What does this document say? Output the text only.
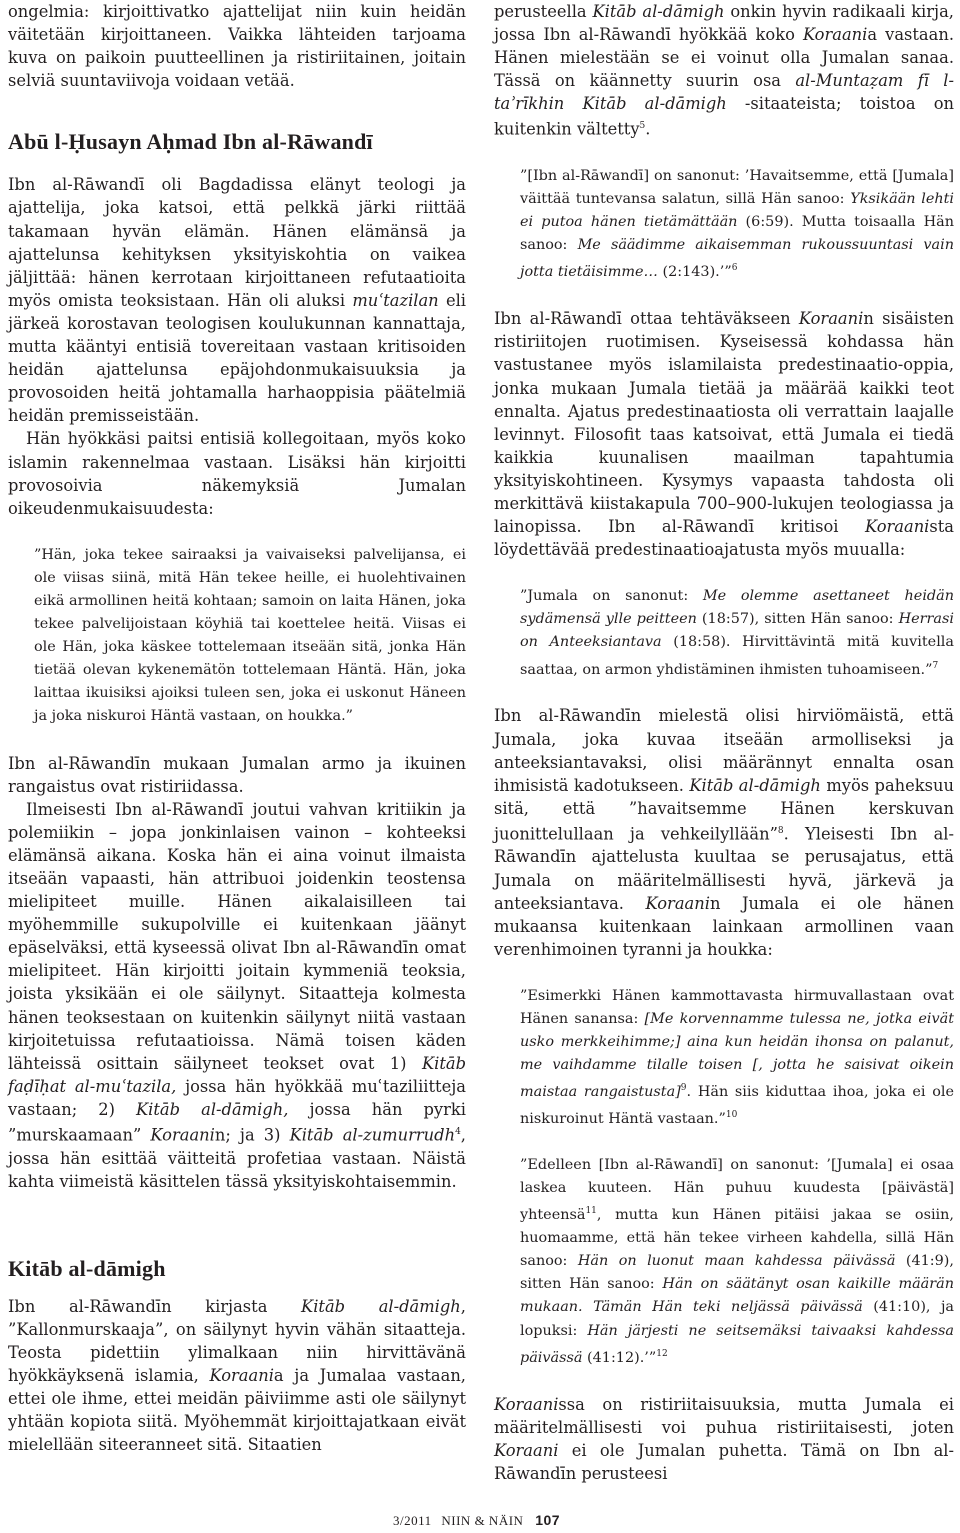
ongelmia: kirjoittivatko ajattelijat niin kuin heidän väitetään kirjoittaneen. Vaikka lähteiden tarjoama kuva on paikoin puutteellinen ja ristiriitainen, joitain selviä suuntaviivoja voidaan vetää.

Abū l-Ḥusayn Aḥmad Ibn al-Rāwandī

Ibn al-Rāwandī oli Bagdadissa elänyt teologi ja ajattelija, joka katsoi, että pelkkä järki riittää takamaan hyvän elämän. Hänen elämänsä ja ajattelunsa kehityksen yksityiskohtia on vaikea jäljittää: hänen kerrotaan kirjoittaneen refutaatioita myös omista teoksistaan. Hän oli aluksi muʿtazilan eli järkeä korostavan teologisen koulukunnan kannattaja, mutta kääntyi entisiä tovereitaan vastaan kritisoiden heidän ajattelunsa epäjohdonmukaisuuksia ja provosoiden heitä johtamalla harhaoppisia päätelmiä heidän premisseistään.

Hän hyökkäsi paitsi entisiä kollegoitaan, myös koko islamin rakennelmaa vastaan. Lisäksi hän kirjoitti provosoivia näkemyksiä Jumalan oikeudenmukaisuudesta:

”Hän, joka tekee sairaaksi ja vaivaiseksi palvelijansa, ei ole viisas siinä, mitä Hän tekee heille, ei huolehtivainen eikä armollinen heitä kohtaan; samoin on laita Hänen, joka tekee palvelijoistaan köyhiä tai koettelee heitä. Viisas ei ole Hän, joka käskee tottelemaan itseään sitä, jonka Hän tietää olevan kykenemätön tottelemaan Häntä. Hän, joka laittaa ikuisiksi ajoiksi tuleen sen, joka ei uskonut Häneen ja joka niskuroi Häntä vastaan, on houkka.”

Ibn al-Rāwandīn mukaan Jumalan armo ja ikuinen rangaistus ovat ristiriidassa.

Ilmeisesti Ibn al-Rāwandī joutui vahvan kritiikin ja polemiikin – jopa jonkinlaisen vainon – kohteeksi elämänsä aikana. Koska hän ei aina voinut ilmaista itseään vapaasti, hän attribuoi joidenkin teostensa mielipiteet muille. Hänen aikalaisilleen tai myöhemmille sukupolville ei kuitenkaan jäänyt epäselväksi, että kyseessä olivat Ibn al-Rāwandīn omat mielipiteet. Hän kirjoitti joitain kymmeniä teoksia, joista yksikään ei ole säilynyt. Sitaatteja kolmesta hänen teoksestaan on kuitenkin säilynyt niitä vastaan kirjoitetuissa refutaatioissa. Nämä toisen käden lähteissä osittain säilyneet teokset ovat 1) Kitāb faḍīḥat al-muʿtazila, jossa hän hyökkää muʿtaziliitteja vastaan; 2) Kitāb al-dāmigh, jossa hän pyrki ”murskaamaan” Koraanin; ja 3) Kitāb al-zumurrudh$^4$, jossa hän esittää väitteitä profetiaa vastaan. Näistä kahta viimeistä käsittelen tässä yksityiskohtaisemmin.

Kitāb al-dāmigh

Ibn al-Rāwandīn kirjasta Kitāb al-dāmigh, ”Kallonmurskaaja”, on säilynyt hyvin vähän sitaatteja. Teosta pidettiin ylimalkaan niin hirvittävänä hyökkäyksenä islamia, Koraania ja Jumalaa vastaan, ettei ole ihme, ettei meidän päiviimme asti ole säilynyt yhtään kopiota siitä. Myöhemmät kirjoittajatkaan eivät mielellään siteeranneet sitä. Sitaatien

perusteella Kitāb al-dāmigh onkin hyvin radikaali kirja, jossa Ibn al-Rāwandī hyökkää koko Koraania vastaan. Hänen mielestään se ei voinut olla Jumalan sanaa. Tässä on käännetty suurin osa al-Muntaẓam fī l-taʾrīkhin Kitāb al-dāmigh -sitaateista; toistoa on kuitenkin vältetty$^5$.

”[Ibn al-Rāwandī] on sanonut: ’Havaitsemme, että [Jumala] väittää tuntevansa salatun, sillä Hän sanoo: Yksikään lehti ei putoa hänen tietämättään (6:59). Mutta toisaalla Hän sanoo: Me säädimme aikaisemman rukoussuuntasi vain jotta tietäisimme… (2:143).’”$^6$

Ibn al-Rāwandī ottaa tehtäväkseen Koraanin sisäisten ristiriitojen ruotimisen. Kyseisessä kohdassa hän vastustanee myös islamilaista predestinaatio-oppia, jonka mukaan Jumala tietää ja määrää kaikki teot ennalta. Ajatus predestinaatiosta oli verrattain laajalle levinnyt. Filosofit taas katsoivat, että Jumala ei tiedä kaikkia kuunalisen maailman tapahtumia yksityiskohtineen. Kysymys vapaasta tahdosta oli merkittävä kiistakapula 700–900-lukujen teologiassa ja lainopissa. Ibn al-Rāwandī kritisoi Koraanista löydettävää predestinaatioajatusta myös muualla:

”Jumala on sanonut: Me olemme asettaneet heidän sydämensä ylle peitteen (18:57), sitten Hän sanoo: Herrasi on Anteeksiantava (18:58). Hirvittävintä mitä kuvitella saattaa, on armon yhdistäminen ihmisten tuhoamiseen.”$^7$

Ibn al-Rāwandīn mielestä olisi hirviömäistä, että Jumala, joka kuvaa itseään armolliseksi ja anteeksiantavaksi, olisi määrännyt ennalta osan ihmisistä kadotukseen. Kitāb al-dāmigh myös paheksuu sitä, että ”havaitsemme Hänen kerskuvan juonittelullaan ja vehkeilyllään”$^8$. Yleisesti Ibn al-Rāwandīn ajattelusta kuultaa se perusajatus, että Jumala on määritelmällisesti hyvä, järkevä ja anteeksiantava. Koraanin Jumala ei ole hänen mukaansa kuitenkaan lainkaan armollinen vaan verenhimoinen tyranni ja houkka:

”Esimerkki Hänen kammottavasta hirmuvallastaan ovat Hänen sanansa: [Me korvennamme tulessa ne, jotka eivät usko merkkeihimme;] aina kun heidän ihonsa on palanut, me vaihdamme tilalle toisen [, jotta he saisivat oikein maistaa rangaistusta]$^9$. Hän siis kiduttaa ihoa, joka ei ole niskuroinut Häntä vastaan.”$^{10}$

”Edelleen [Ibn al-Rāwandī] on sanonut: ’[Jumala] ei osaa laskea kuuteen. Hän puhuu kuudesta [päivästä] yhteensä$^{11}$, mutta kun Hänen pitäisi jakaa se osiin, huomaamme, että hän tekee virheen kahdella, sillä Hän sanoo: Hän on luonut maan kahdessa päivässä (41:9), sitten Hän sanoo: Hän on säätänyt osan kaikille määrän mukaan. Tämän Hän teki neljässä päivässä (41:10), ja lopuksi: Hän järjesti ne seitsemäksi taivaaksi kahdessa päivässä (41:12).’”$^{12}$

Koraanissa on ristiriitaisuuksia, mutta Jumala ei määritelmällisesti voi puhua ristiriitaisesti, joten Koraani ei ole Jumalan puhetta. Tämä on Ibn al-Rāwandīn perusteesi

3/2011 NIIN & NÄIN 107
